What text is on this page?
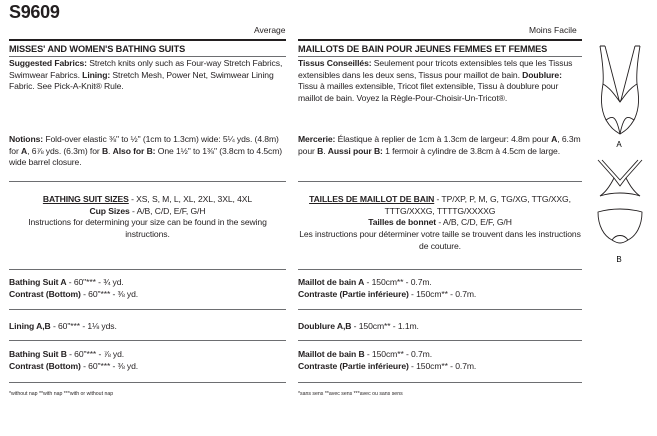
S9609
Average	Moins Facile
MISSES' AND WOMEN'S BATHING SUITS	MAILLOTS DE BAIN POUR JEUNES FEMMES ET FEMMES
Suggested Fabrics: Stretch knits only such as Four-way Stretch Fabrics, Swimwear Fabrics. Lining: Stretch Mesh, Power Net, Swimwear Lining Fabric. See Pick-A-Knit® Rule.
Tissus Conseillés: Seulement pour tricots extensibles tels que les Tissus extensibles dans les deux sens, Tissus pour maillot de bain. Doublure: Tissu à mailles extensible, Tricot filet extensible, Tissu à doublure pour maillot de bain. Voyez la Règle-Pour-Choisir-Un-Tricot®.
Notions: Fold-over elastic ⅜" to ½" (1cm to 1.3cm) wide: 5¼ yds. (4.8m) for A, 6⅞ yds. (6.3m) for B. Also for B: One 1½" to 1⅜" (3.8cm to 4.5cm) wide barrel closure.
Mercerie: Élastique à replier de 1cm à 1.3cm de largeur: 4.8m pour A, 6.3m pour B. Aussi pour B: 1 fermoir à cylindre de 3.8cm à 4.5cm de large.
BATHING SUIT SIZES - XS, S, M, L, XL, 2XL, 3XL, 4XL
Cup Sizes - A/B, C/D, E/F, G/H
Instructions for determining your size can be found in the sewing instructions.
TAILLES DE MAILLOT DE BAIN - TP/XP, P, M, G, TG/XG, TTG/XXG, TTTG/XXXG, TTTTG/XXXXG
Tailles de bonnet - A/B, C/D, E/F, G/H
Les instructions pour déterminer votre taille se trouvent dans les instructions de couture.
Bathing Suit A - 60"*** - ¾ yd.
Contrast (Bottom) - 60"*** - ⅜ yd.
Lining A,B - 60"*** - 1⅛ yds.
Bathing Suit B - 60"*** - ⅞ yd.
Contrast (Bottom) - 60"*** - ⅜ yd.
Maillot de bain A - 150cm** - 0.7m.
Contraste (Partie inférieure) - 150cm** - 0.7m.
Doublure A,B - 150cm** - 1.1m.
Maillot de bain B - 150cm** - 0.7m.
Contraste (Partie inférieure) - 150cm** - 0.7m.
*without nap **with nap ***with or without nap	*sans sens **avec sens ***avec ou sans sens
A
B
